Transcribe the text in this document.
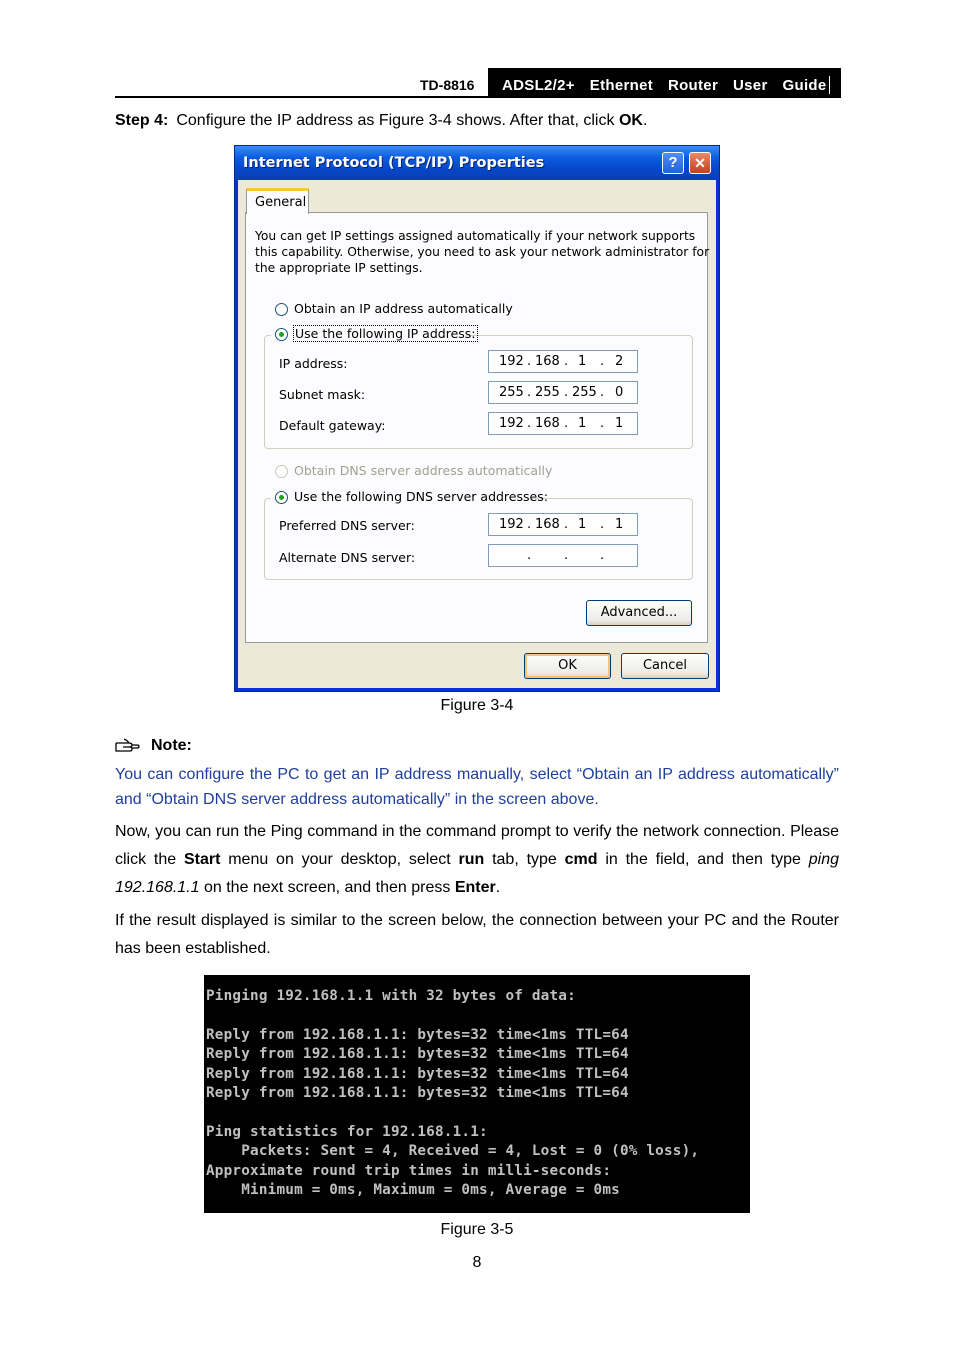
TD-8816 ADSL2/2+  Ethernet  Router  User  Guide
Step 4: Configure the IP address as Figure 3-4 shows. After that, click OK.
Internet Protocol (TCP/IP) Properties	?	✕
General
You can get IP settings assigned automatically if your network supports
this capability. Otherwise, you need to ask your network administrator for
the appropriate IP settings.
Obtain an IP address automatically
Use the following IP address:
IP address:	192 . 168 . 1 . 2
Subnet mask:	255 . 255 . 255 . 0
Default gateway:	192 . 168 . 1 . 1
Obtain DNS server address automatically
Use the following DNS server addresses:
Preferred DNS server:	192 . 168 . 1 . 1
Alternate DNS server:	.	. .
Advanced...
OK	Cancel
Figure 3-4
Note:
You can configure the PC to get an IP address manually, select “Obtain an IP address automatically” and “Obtain DNS server address automatically” in the screen above.
Now, you can run the Ping command in the command prompt to verify the network connection. Please click the Start menu on your desktop, select run tab, type cmd in the field, and then type ping 192.168.1.1 on the next screen, and then press Enter.
If the result displayed is similar to the screen below, the connection between your PC and the Router has been established.
Pinging 192.168.1.1 with 32 bytes of data:

Reply from 192.168.1.1: bytes=32 time<1ms TTL=64
Reply from 192.168.1.1: bytes=32 time<1ms TTL=64
Reply from 192.168.1.1: bytes=32 time<1ms TTL=64
Reply from 192.168.1.1: bytes=32 time<1ms TTL=64

Ping statistics for 192.168.1.1:
Packets: Sent = 4, Received = 4, Lost = 0 (0% loss),
Approximate round trip times in milli-seconds:
Minimum = 0ms, Maximum = 0ms, Average = 0ms
Figure 3-5
8
